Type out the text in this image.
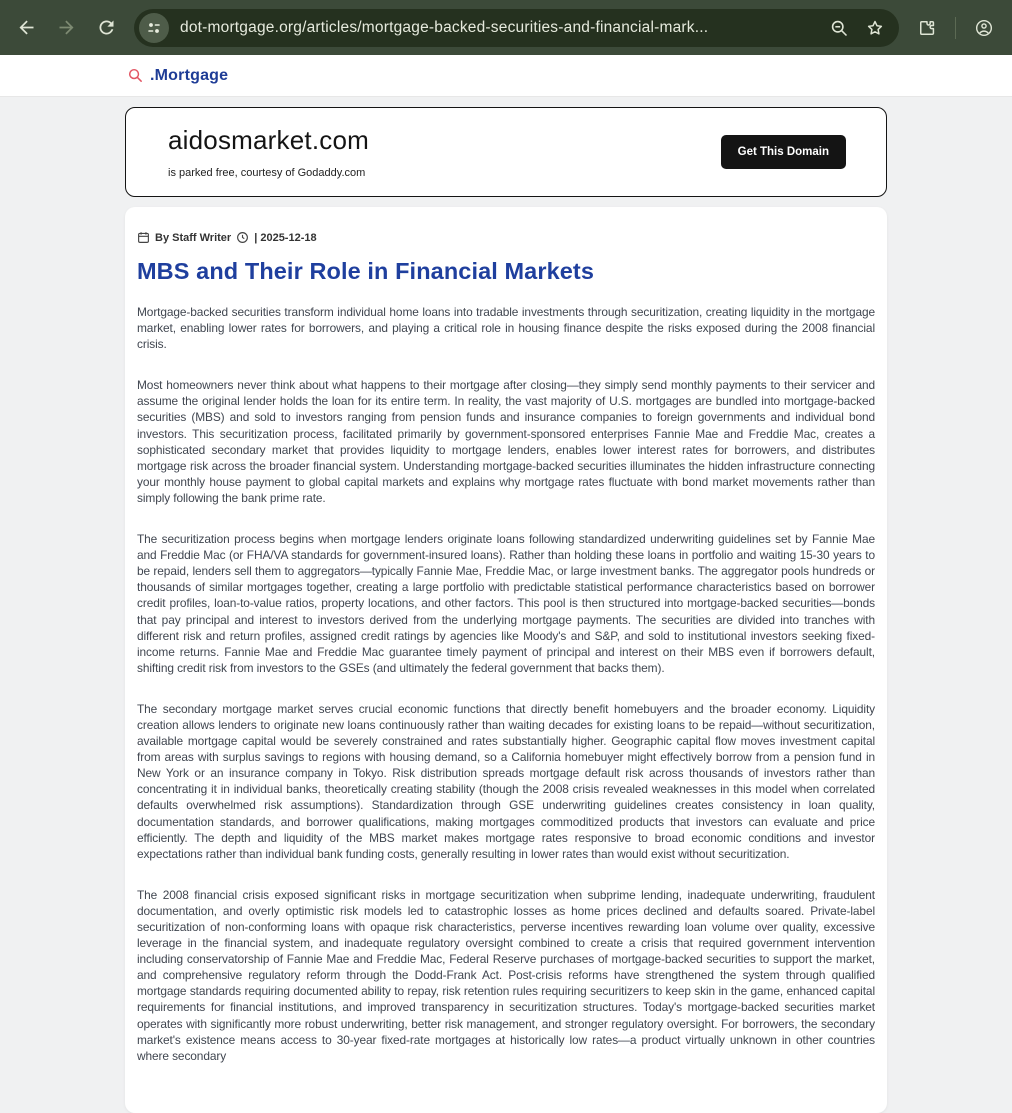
dot-mortgage.org/articles/mortgage-backed-securities-and-financial-mark...
.Mortgage
aidosmarket.com
is parked free, courtesy of Godaddy.com
Get This Domain
By Staff Writer | 2025-12-18
MBS and Their Role in Financial Markets

Mortgage-backed securities transform individual home loans into tradable investments through securitization, creating liquidity in the mortgage market, enabling lower rates for borrowers, and playing a critical role in housing finance despite the risks exposed during the 2008 financial crisis.

Most homeowners never think about what happens to their mortgage after closing—they simply send monthly payments to their servicer and assume the original lender holds the loan for its entire term. In reality, the vast majority of U.S. mortgages are bundled into mortgage-backed securities (MBS) and sold to investors ranging from pension funds and insurance companies to foreign governments and individual bond investors. This securitization process, facilitated primarily by government-sponsored enterprises Fannie Mae and Freddie Mac, creates a sophisticated secondary market that provides liquidity to mortgage lenders, enables lower interest rates for borrowers, and distributes mortgage risk across the broader financial system. Understanding mortgage-backed securities illuminates the hidden infrastructure connecting your monthly house payment to global capital markets and explains why mortgage rates fluctuate with bond market movements rather than simply following the bank prime rate.

The securitization process begins when mortgage lenders originate loans following standardized underwriting guidelines set by Fannie Mae and Freddie Mac (or FHA/VA standards for government-insured loans). Rather than holding these loans in portfolio and waiting 15-30 years to be repaid, lenders sell them to aggregators—typically Fannie Mae, Freddie Mac, or large investment banks. The aggregator pools hundreds or thousands of similar mortgages together, creating a large portfolio with predictable statistical performance characteristics based on borrower credit profiles, loan-to-value ratios, property locations, and other factors. This pool is then structured into mortgage-backed securities—bonds that pay principal and interest to investors derived from the underlying mortgage payments. The securities are divided into tranches with different risk and return profiles, assigned credit ratings by agencies like Moody's and S&P, and sold to institutional investors seeking fixed-income returns. Fannie Mae and Freddie Mac guarantee timely payment of principal and interest on their MBS even if borrowers default, shifting credit risk from investors to the GSEs (and ultimately the federal government that backs them).

The secondary mortgage market serves crucial economic functions that directly benefit homebuyers and the broader economy. Liquidity creation allows lenders to originate new loans continuously rather than waiting decades for existing loans to be repaid—without securitization, available mortgage capital would be severely constrained and rates substantially higher. Geographic capital flow moves investment capital from areas with surplus savings to regions with housing demand, so a California homebuyer might effectively borrow from a pension fund in New York or an insurance company in Tokyo. Risk distribution spreads mortgage default risk across thousands of investors rather than concentrating it in individual banks, theoretically creating stability (though the 2008 crisis revealed weaknesses in this model when correlated defaults overwhelmed risk assumptions). Standardization through GSE underwriting guidelines creates consistency in loan quality, documentation standards, and borrower qualifications, making mortgages commoditized products that investors can evaluate and price efficiently. The depth and liquidity of the MBS market makes mortgage rates responsive to broad economic conditions and investor expectations rather than individual bank funding costs, generally resulting in lower rates than would exist without securitization.

The 2008 financial crisis exposed significant risks in mortgage securitization when subprime lending, inadequate underwriting, fraudulent documentation, and overly optimistic risk models led to catastrophic losses as home prices declined and defaults soared. Private-label securitization of non-conforming loans with opaque risk characteristics, perverse incentives rewarding loan volume over quality, excessive leverage in the financial system, and inadequate regulatory oversight combined to create a crisis that required government intervention including conservatorship of Fannie Mae and Freddie Mac, Federal Reserve purchases of mortgage-backed securities to support the market, and comprehensive regulatory reform through the Dodd-Frank Act. Post-crisis reforms have strengthened the system through qualified mortgage standards requiring documented ability to repay, risk retention rules requiring securitizers to keep skin in the game, enhanced capital requirements for financial institutions, and improved transparency in securitization structures. Today's mortgage-backed securities market operates with significantly more robust underwriting, better risk management, and stronger regulatory oversight. For borrowers, the secondary market's existence means access to 30-year fixed-rate mortgages at historically low rates—a product virtually unknown in other countries where secondary
